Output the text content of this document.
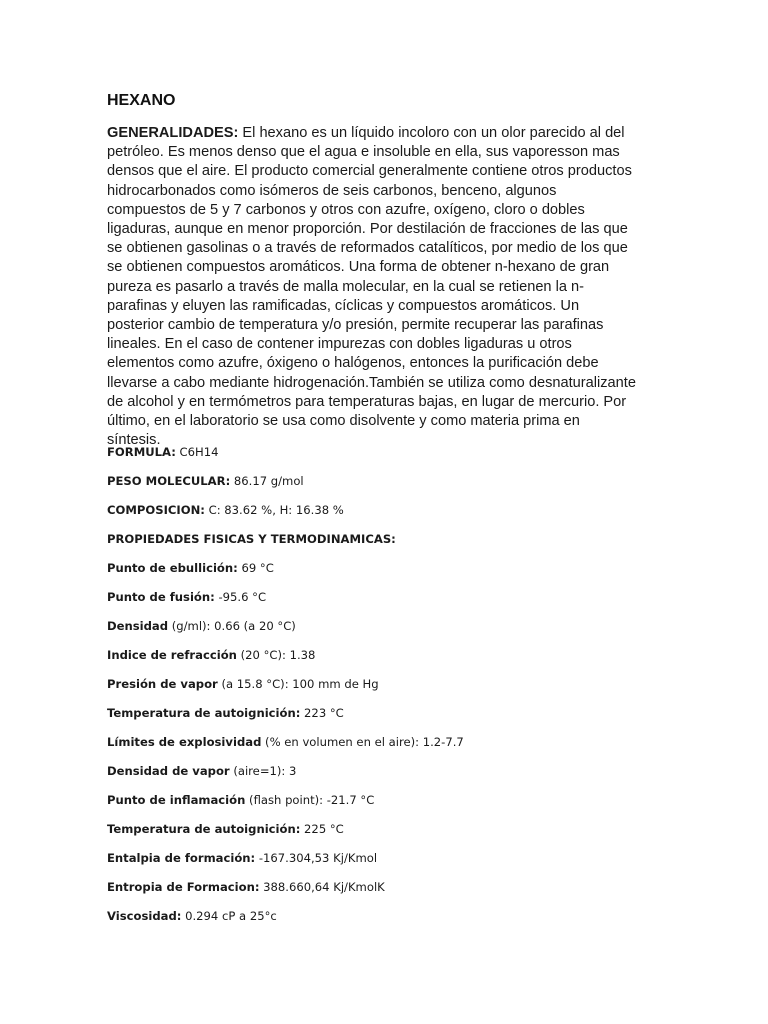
HEXANO

GENERALIDADES: El hexano es un líquido incoloro con un olor parecido al del petróleo. Es menos denso que el agua e insoluble en ella, sus vaporesson mas densos que el aire. El producto comercial generalmente contiene otros productos hidrocarbonados como isómeros de seis carbonos, benceno, algunos compuestos de 5 y 7 carbonos y otros con azufre, oxígeno, cloro o dobles ligaduras, aunque en menor proporción. Por destilación de fracciones de las que se obtienen gasolinas o a través de reformados catalíticos, por medio de los que se obtienen compuestos aromáticos. Una forma de obtener n-hexano de gran pureza es pasarlo a través de malla molecular, en la cual se retienen la n-parafinas y eluyen las ramificadas, cíclicas y compuestos aromáticos. Un posterior cambio de temperatura y/o presión, permite recuperar las parafinas lineales. En el caso de contener impurezas con dobles ligaduras u otros elementos como azufre, óxigeno o halógenos, entonces la purificación debe llevarse a cabo mediante hidrogenación.También se utiliza como desnaturalizante de alcohol y en termómetros para temperaturas bajas, en lugar de mercurio. Por último, en el laboratorio se usa como disolvente y como materia prima en síntesis.

FORMULA: C6H14
PESO MOLECULAR: 86.17 g/mol
COMPOSICION: C: 83.62 %, H: 16.38 %
PROPIEDADES FISICAS Y TERMODINAMICAS:
Punto de ebullición: 69 °C
Punto de fusión: -95.6 °C
Densidad (g/ml): 0.66 (a 20 °C)
Indice de refracción (20 °C): 1.38
Presión de vapor (a 15.8 °C): 100 mm de Hg
Temperatura de autoignición: 223 °C
Límites de explosividad (% en volumen en el aire): 1.2-7.7
Densidad de vapor (aire=1): 3
Punto de inflamación (flash point): -21.7 °C
Temperatura de autoignición: 225 °C
Entalpia de formación: -167.304,53 Kj/Kmol
Entropia de Formacion: 388.660,64 Kj/KmolK
Viscosidad: 0.294 cP a 25°c
